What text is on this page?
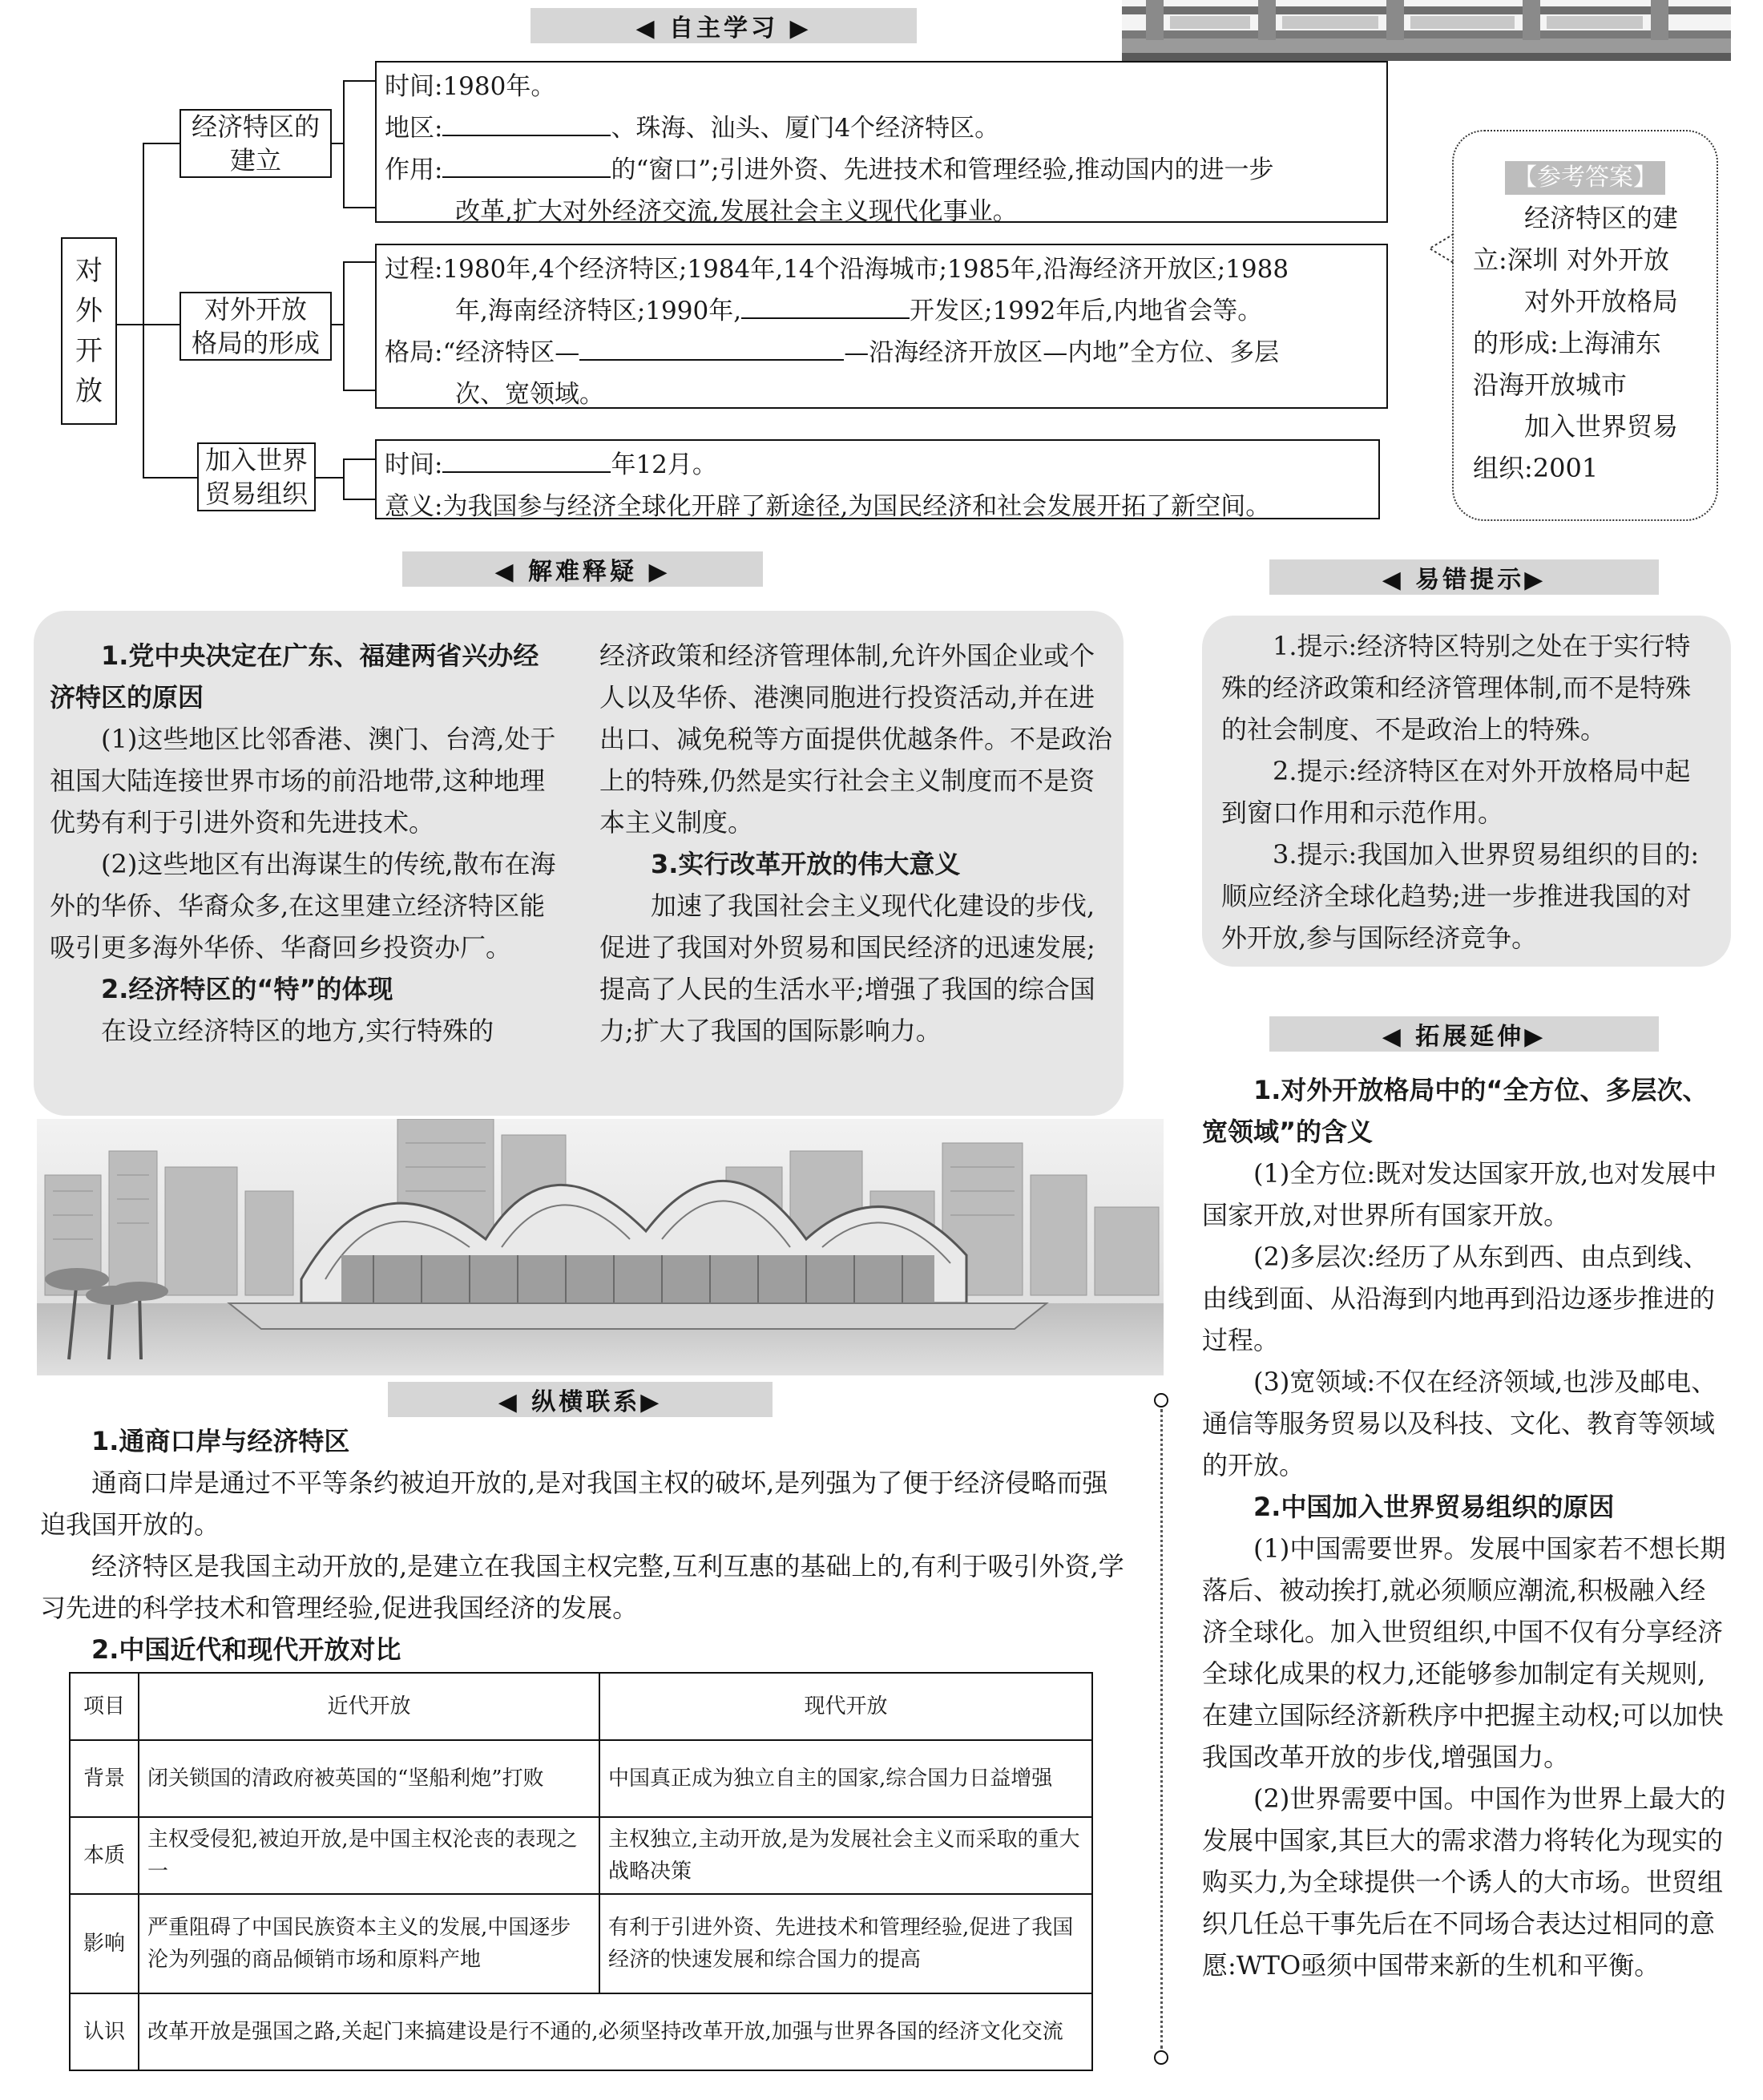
◀ 自主学习 ▶
对
外
开
放
经济特区的
建立

时间:1980年。

地区:	、珠海、汕头、厦门4个经济特区。

作用:	的“窗口”;引进外资、先进技术和管理经验,推动国内的进一步

改革,扩大对外经济交流,发展社会主义现代化事业。

对外开放
格局的形成

过程:1980年,4个经济特区;1984年,14个沿海城市;1985年,沿海经济开放区;1988

年,海南经济特区;1990年,	开发区;1992年后,内地省会等。

格局:“经济特区—	—沿海经济开放区—内地”全方位、多层

次、宽领域。

加入世界
贸易组织

时间:	年12月。

意义:为我国参与经济全球化开辟了新途径,为国民经济和社会发展开拓了新空间。

【参考答案】

经济特区的建

立:深圳 对外开放

对外开放格局

的形成:上海浦东

沿海开放城市

加入世界贸易

组织:2001

◀ 解难释疑 ▶

1.党中央决定在广东、福建两省兴办经济特区的原因

(1)这些地区比邻香港、澳门、台湾,处于祖国大陆连接世界市场的前沿地带,这种地理优势有利于引进外资和先进技术。

(2)这些地区有出海谋生的传统,散布在海外的华侨、华裔众多,在这里建立经济特区能吸引更多海外华侨、华裔回乡投资办厂。

2.经济特区的“特”的体现

在设立经济特区的地方,实行特殊的

经济政策和经济管理体制,允许外国企业或个人以及华侨、港澳同胞进行投资活动,并在进出口、减免税等方面提供优越条件。不是政治上的特殊,仍然是实行社会主义制度而不是资本主义制度。

3.实行改革开放的伟大意义

加速了我国社会主义现代化建设的步伐,促进了我国对外贸易和国民经济的迅速发展;提高了人民的生活水平;增强了我国的综合国力;扩大了我国的国际影响力。

◀ 易错提示▶

1.提示:经济特区特别之处在于实行特殊的经济政策和经济管理体制,而不是特殊的社会制度、不是政治上的特殊。

2.提示:经济特区在对外开放格局中起到窗口作用和示范作用。

3.提示:我国加入世界贸易组织的目的:顺应经济全球化趋势;进一步推进我国的对外开放,参与国际经济竞争。

◀ 拓展延伸▶

1.对外开放格局中的“全方位、多层次、宽领域”的含义

(1)全方位:既对发达国家开放,也对发展中国家开放,对世界所有国家开放。

(2)多层次:经历了从东到西、由点到线、由线到面、从沿海到内地再到沿边逐步推进的过程。

(3)宽领域:不仅在经济领域,也涉及邮电、通信等服务贸易以及科技、文化、教育等领域的开放。

2.中国加入世界贸易组织的原因

(1)中国需要世界。发展中国家若不想长期落后、被动挨打,就必须顺应潮流,积极融入经济全球化。加入世贸组织,中国不仅有分享经济全球化成果的权力,还能够参加制定有关规则,在建立国际经济新秩序中把握主动权;可以加快我国改革开放的步伐,增强国力。

(2)世界需要中国。中国作为世界上最大的发展中国家,其巨大的需求潜力将转化为现实的购买力,为全球提供一个诱人的大市场。世贸组织几任总干事先后在不同场合表达过相同的意愿:WTO亟须中国带来新的生机和平衡。

◀ 纵横联系▶

1.通商口岸与经济特区

通商口岸是通过不平等条约被迫开放的,是对我国主权的破坏,是列强为了便于经济侵略而强迫我国开放的。

经济特区是我国主动开放的,是建立在我国主权完整,互利互惠的基础上的,有利于吸引外资,学习先进的科学技术和管理经验,促进我国经济的发展。

2.中国近代和现代开放对比

项目	近代开放	现代开放
背景	闭关锁国的清政府被英国的“坚船利炮”打败	中国真正成为独立自主的国家,综合国力日益增强
本质	主权受侵犯,被迫开放,是中国主权沦丧的表现之一	主权独立,主动开放,是为发展社会主义而采取的重大战略决策
影响	严重阻碍了中国民族资本主义的发展,中国逐步沦为列强的商品倾销市场和原料产地	有利于引进外资、先进技术和管理经验,促进了我国经济的快速发展和综合国力的提高
认识	改革开放是强国之路,关起门来搞建设是行不通的,必须坚持改革开放,加强与世界各国的经济文化交流	
